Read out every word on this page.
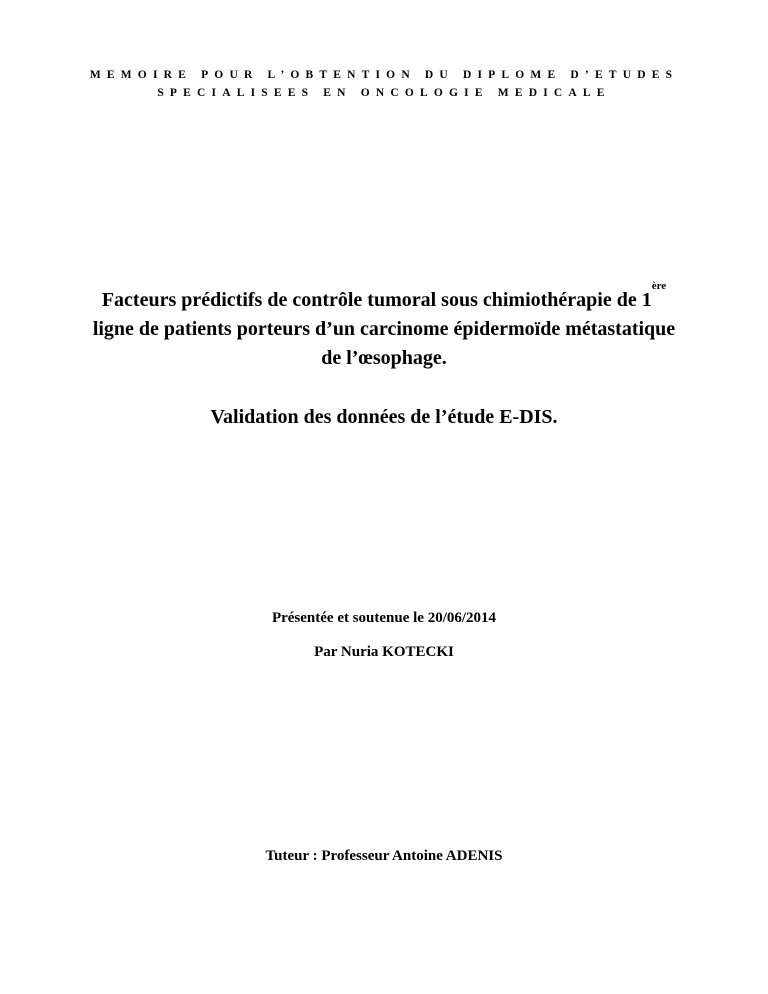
MEMOIRE POUR L’OBTENTION DU DIPLOME D’ETUDES
SPECIALISEES EN ONCOLOGIE MEDICALE
Facteurs prédictifs de contrôle tumoral sous chimiothérapie de 1ère
ligne de patients porteurs d’un carcinome épidermoïde métastatique
de l’œsophage.
Validation des données de l’étude E-DIS.
Présentée et soutenue le 20/06/2014
Par Nuria KOTECKI
Tuteur : Professeur Antoine ADENIS
